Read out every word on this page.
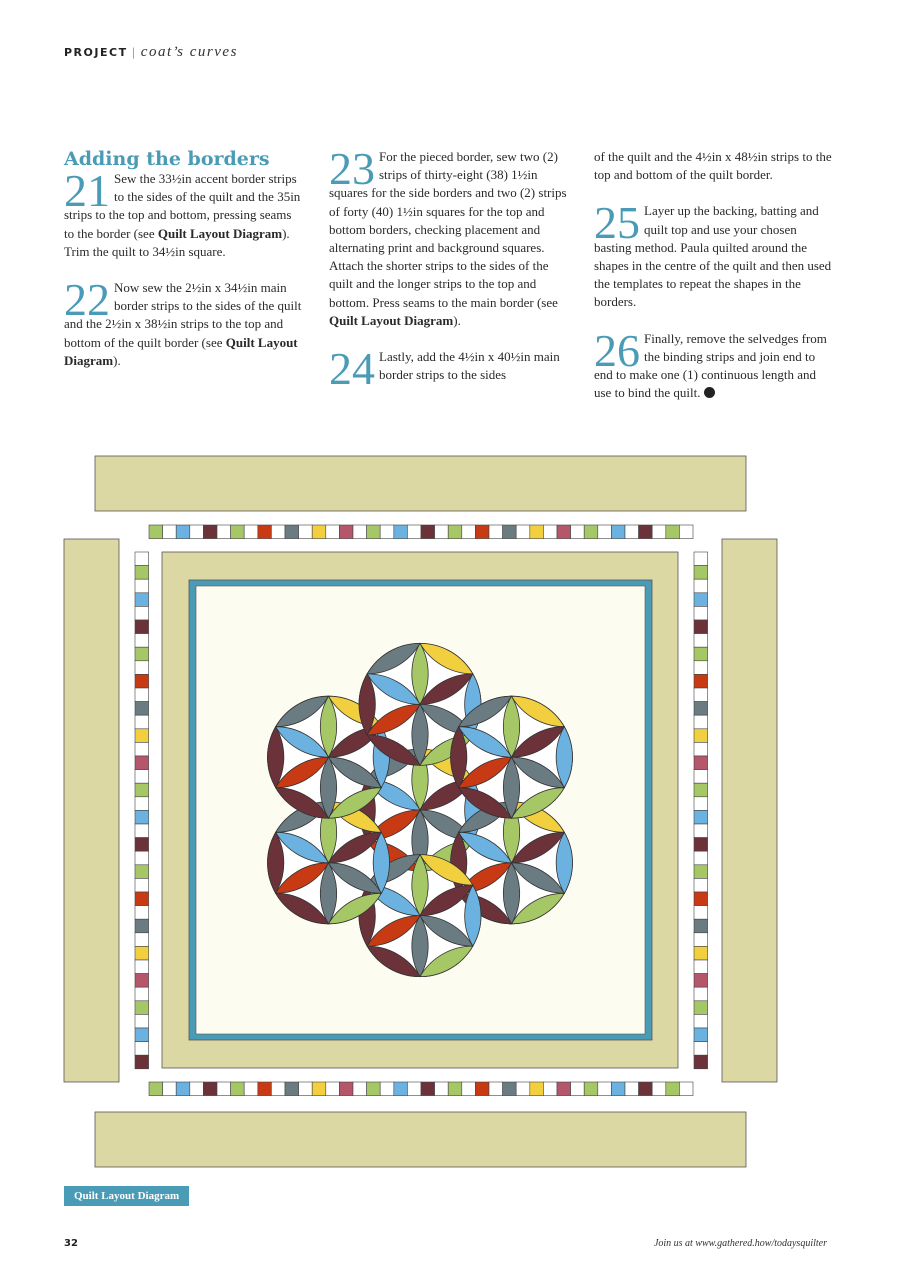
PROJECT | coat’s curves
Adding the borders
21 Sew the 33½in accent border strips to the sides of the quilt and the 35in strips to the top and bottom, pressing seams to the border (see Quilt Layout Diagram). Trim the quilt to 34½in square.
22 Now sew the 2½in x 34½in main border strips to the sides of the quilt and the 2½in x 38½in strips to the top and bottom of the quilt border (see Quilt Layout Diagram).
23 For the pieced border, sew two (2) strips of thirty-eight (38) 1½in squares for the side borders and two (2) strips of forty (40) 1½in squares for the top and bottom borders, checking placement and alternating print and background squares. Attach the shorter strips to the sides of the quilt and the longer strips to the top and bottom. Press seams to the main border (see Quilt Layout Diagram).
24 Lastly, add the 4½in x 40½in main border strips to the sides
of the quilt and the 4½in x 48½in strips to the top and bottom of the quilt border.
25 Layer up the backing, batting and quilt top and use your chosen basting method. Paula quilted around the shapes in the centre of the quilt and then used the templates to repeat the shapes in the borders.
26 Finally, remove the selvedges from the binding strips and join end to end to make one (1) continuous length and use to bind the quilt.
Quilt Layout Diagram
32	Join us at www.gathered.how/todaysquilter
